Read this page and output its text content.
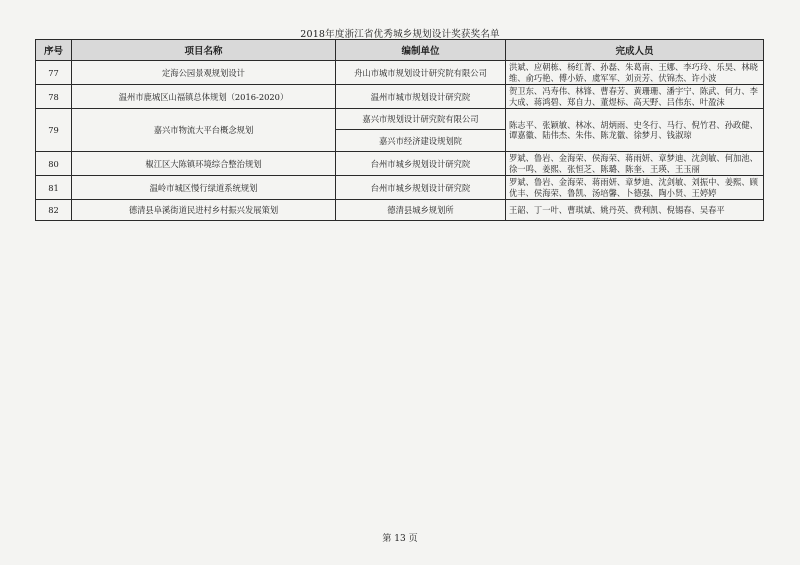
2018年度浙江省优秀城乡规划设计奖获奖名单
序号	项目名称	编制单位	完成人员
77	定海公园景观规划设计	舟山市城市规划设计研究院有限公司	洪斌、应朝栋、杨红菁、孙磊、朱葛南、王娜、李巧玲、乐昊、林晓维、俞巧艳、傅小娇、虞军军、刘贡芳、伏锦杰、许小波
78	温州市鹿城区山福镇总体规划（2016-2020）	温州市城市规划设计研究院	贺卫东、冯寿伟、林锋、曹春芳、黄珊珊、潘宇宁、陈武、何力、李大成、蒋鸿碧、郑自力、董煜标、高天野、吕伟东、叶盈沫
79	嘉兴市物流大平台概念规划	嘉兴市规划设计研究院有限公司	陈志平、张颖敏、林冰、胡炳雨、史冬行、马行、倪竹君、孙政健、谭嘉徽、陆伟杰、朱伟、陈龙徽、徐梦月、钱淑琼
		嘉兴市经济建设规划院	
80	椒江区大陈镇环境综合整治规划	台州市城乡规划设计研究院	罗斌、鲁岩、金海荣、侯海荣、蒋雨妍、章梦迪、沈剑敏、何加池、徐一鸣、姜熙、张恒芝、陈璐、陈奎、王瑛、王玉丽
81	温岭市城区慢行绿道系统规划	台州市城乡规划设计研究院	罗斌、鲁岩、金海荣、蒋雨妍、章梦迪、沈剑敏、刘振中、姜熙、顾优丰、侯海荣、鲁凯、汤培馨、卜德强、陶小贤、王婷婷
82	德清县阜溪街道民进村乡村振兴发展策划	德清县城乡规划所	王韶、丁一叶、曹琪斌、姚丹英、费利凯、倪锡春、吴春平
第 13 页
